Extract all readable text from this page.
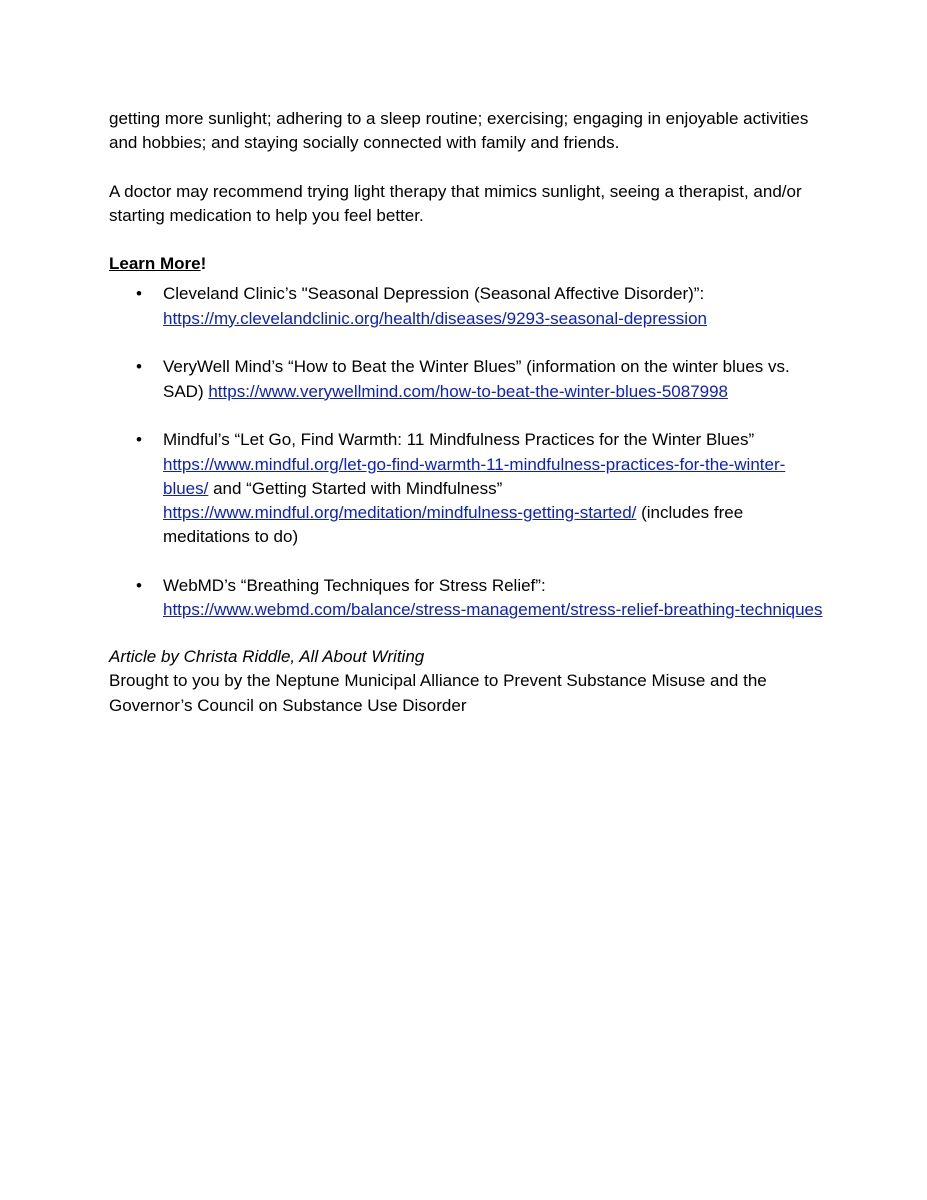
getting more sunlight; adhering to a sleep routine; exercising; engaging in enjoyable activities and hobbies; and staying socially connected with family and friends.

A doctor may recommend trying light therapy that mimics sunlight, seeing a therapist, and/or starting medication to help you feel better.

Learn More!

• Cleveland Clinic’s "Seasonal Depression (Seasonal Affective Disorder)”: https://my.clevelandclinic.org/health/diseases/9293-seasonal-depression
• VeryWell Mind’s “How to Beat the Winter Blues” (information on the winter blues vs. SAD) https://www.verywellmind.com/how-to-beat-the-winter-blues-5087998
• Mindful’s “Let Go, Find Warmth: 11 Mindfulness Practices for the Winter Blues” https://www.mindful.org/let-go-find-warmth-11-mindfulness-practices-for-the-winter-blues/ and “Getting Started with Mindfulness” https://www.mindful.org/meditation/mindfulness-getting-started/ (includes free meditations to do)
• WebMD’s “Breathing Techniques for Stress Relief”: https://www.webmd.com/balance/stress-management/stress-relief-breathing-techniques

Article by Christa Riddle, All About Writing

Brought to you by the Neptune Municipal Alliance to Prevent Substance Misuse and the Governor’s Council on Substance Use Disorder
